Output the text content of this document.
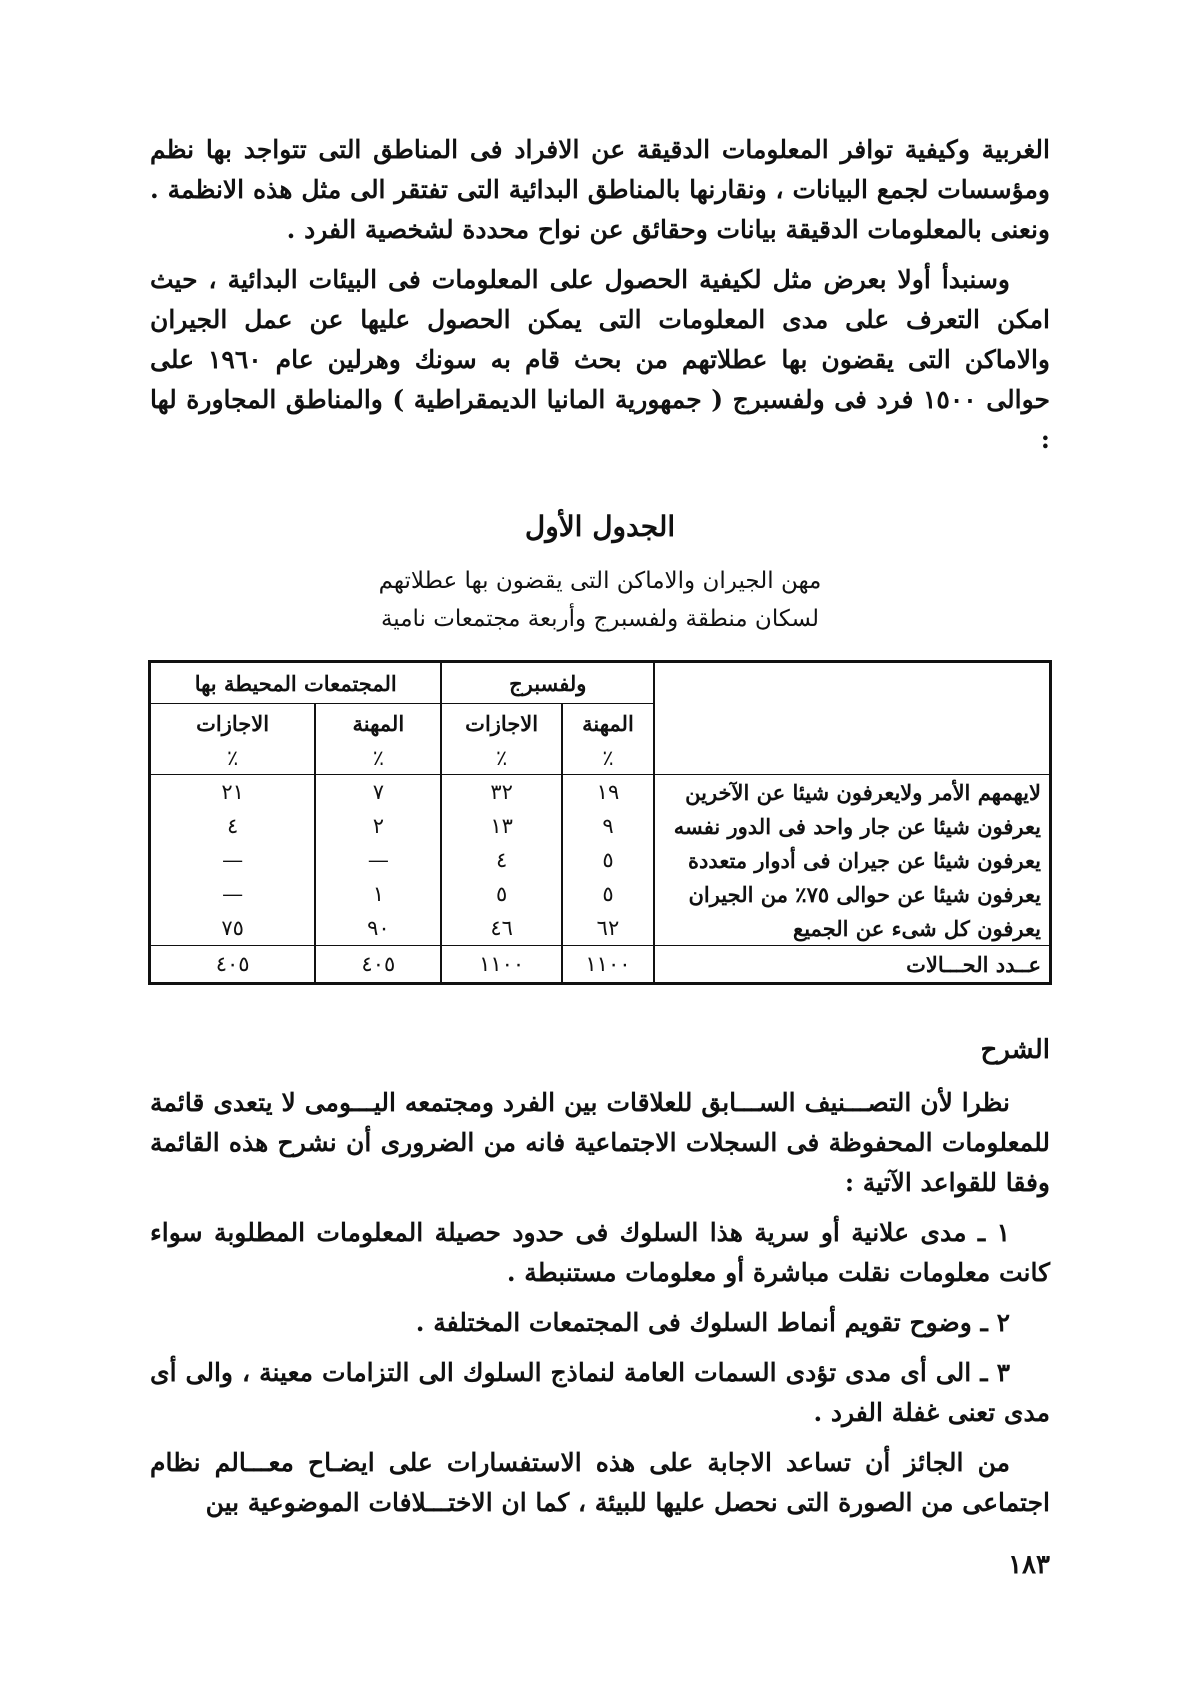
الغربية وكيفية توافر المعلومات الدقيقة عن الافراد فى المناطق التى تتواجد بها نظم ومؤسسات لجمع البيانات ، ونقارنها بالمناطق البدائية التى تفتقر الى مثل هذه الانظمة . ونعنى بالمعلومات الدقيقة بيانات وحقائق عن نواح محددة لشخصية الفرد .

وسنبدأ أولا بعرض مثل لكيفية الحصول على المعلومات فى البيئات البدائية ، حيث امكن التعرف على مدى المعلومات التى يمكن الحصول عليها عن عمل الجيران والاماكن التى يقضون بها عطلاتهم من بحث قام به سونك وهرلين عام ١٩٦٠ على حوالى ١٥٠٠ فرد فى ولفسبرج ( جمهورية المانيا الديمقراطية ) والمناطق المجاورة لها :

الجدول الأول
مهن الجيران والاماكن التى يقضون بها عطلاتهم
لسكان منطقة ولفسبرج وأربعة مجتمعات نامية
	ولفسبرج		المجتمعات المحيطة بها	
	المهنة	الاجازات	المهنة	الاجازات
	٪	٪	٪	٪
لايهمهم الأمر ولايعرفون شيئا عن الآخرين	١٩	٣٢	٧	٢١
يعرفون شيئا عن جار واحد فى الدور نفسه	٩	١٣	٢	٤
يعرفون شيئا عن جيران فى أدوار متعددة	٥	٤	—	—
يعرفون شيئا عن حوالى ٧٥٪ من الجيران	٥	٥	١	—
يعرفون كل شىء عن الجميع	٦٢	٤٦	٩٠	٧٥
عــدد الحـــالات	١١٠٠	١١٠٠	٤٠٥	٤٠٥
الشرح

نظرا لأن التصـــنيف الســـابق للعلاقات بين الفرد ومجتمعه اليـــومى لا يتعدى قائمة للمعلومات المحفوظة فى السجلات الاجتماعية فانه من الضرورى أن نشرح هذه القائمة وفقا للقواعد الآتية :

١ ـ مدى علانية أو سرية هذا السلوك فى حدود حصيلة المعلومات المطلوبة سواء كانت معلومات نقلت مباشرة أو معلومات مستنبطة .

٢ ـ وضوح تقويم أنماط السلوك فى المجتمعات المختلفة .

٣ ـ الى أى مدى تؤدى السمات العامة لنماذج السلوك الى التزامات معينة ، والى أى مدى تعنى غفلة الفرد .

من الجائز أن تساعد الاجابة على هذه الاستفسارات على ايضـاح معـــالم نظام اجتماعى من الصورة التى نحصل عليها للبيئة ، كما ان الاختـــلافات الموضوعية بين

١٨٣
